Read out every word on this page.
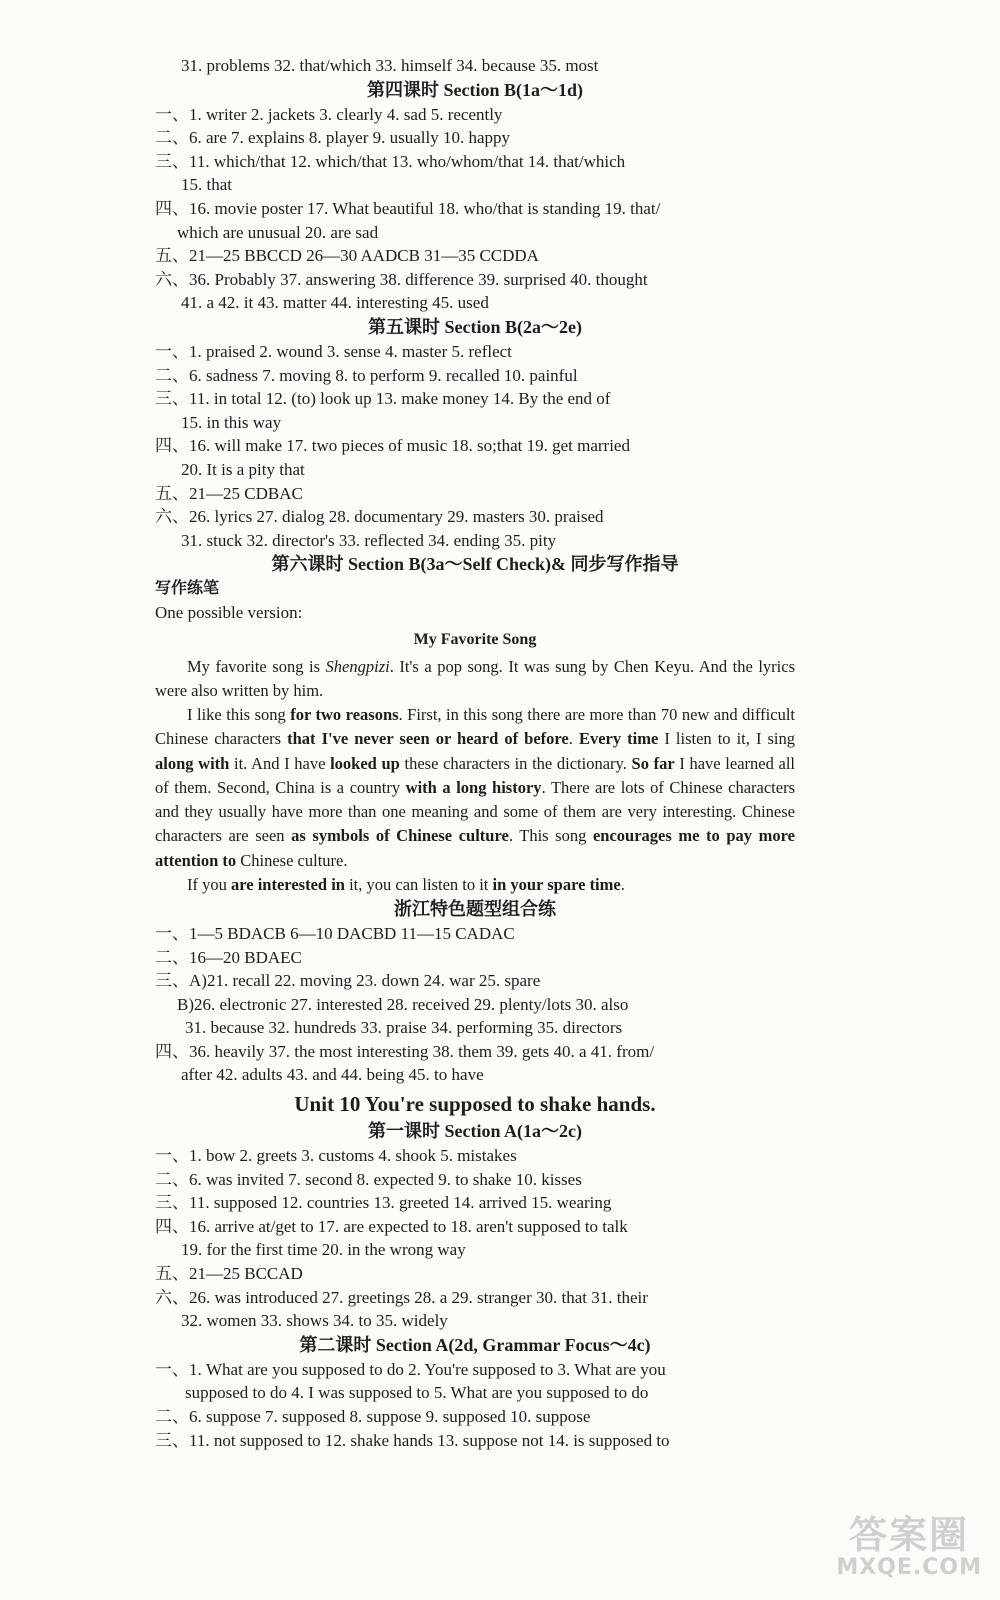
31. problems 32. that/which 33. himself 34. because 35. most
第四课时 Section B(1a～1d)
一、1. writer 2. jackets 3. clearly 4. sad 5. recently
二、6. are 7. explains 8. player 9. usually 10. happy
三、11. which/that 12. which/that 13. who/whom/that 14. that/which
15. that
四、16. movie poster 17. What beautiful 18. who/that is standing 19. that/
which are unusual 20. are sad
五、21—25 BBCCD 26—30 AADCB 31—35 CCDDA
六、36. Probably 37. answering 38. difference 39. surprised 40. thought
41. a 42. it 43. matter 44. interesting 45. used
第五课时 Section B(2a～2e)
一、1. praised 2. wound 3. sense 4. master 5. reflect
二、6. sadness 7. moving 8. to perform 9. recalled 10. painful
三、11. in total 12. (to) look up 13. make money 14. By the end of
15. in this way
四、16. will make 17. two pieces of music 18. so;that 19. get married
20. It is a pity that
五、21—25 CDBAC
六、26. lyrics 27. dialog 28. documentary 29. masters 30. praised
31. stuck 32. director's 33. reflected 34. ending 35. pity
第六课时 Section B(3a～Self Check)& 同步写作指导
写作练笔
One possible version:
My Favorite Song
My favorite song is Shengpizi. It's a pop song. It was sung by Chen Keyu. And the lyrics were also written by him.
I like this song for two reasons. First, in this song there are more than 70 new and difficult Chinese characters that I've never seen or heard of before. Every time I listen to it, I sing along with it. And I have looked up these characters in the dictionary. So far I have learned all of them. Second, China is a country with a long history. There are lots of Chinese characters and they usually have more than one meaning and some of them are very interesting. Chinese characters are seen as symbols of Chinese culture. This song encourages me to pay more attention to Chinese culture.
If you are interested in it, you can listen to it in your spare time.
浙江特色题型组合练
一、1—5 BDACB 6—10 DACBD 11—15 CADAC
二、16—20 BDAEC
三、A)21. recall 22. moving 23. down 24. war 25. spare
B)26. electronic 27. interested 28. received 29. plenty/lots 30. also
31. because 32. hundreds 33. praise 34. performing 35. directors
四、36. heavily 37. the most interesting 38. them 39. gets 40. a 41. from/
after 42. adults 43. and 44. being 45. to have
Unit 10 You're supposed to shake hands.
第一课时 Section A(1a～2c)
一、1. bow 2. greets 3. customs 4. shook 5. mistakes
二、6. was invited 7. second 8. expected 9. to shake 10. kisses
三、11. supposed 12. countries 13. greeted 14. arrived 15. wearing
四、16. arrive at/get to 17. are expected to 18. aren't supposed to talk
19. for the first time 20. in the wrong way
五、21—25 BCCAD
六、26. was introduced 27. greetings 28. a 29. stranger 30. that 31. their
32. women 33. shows 34. to 35. widely
第二课时 Section A(2d, Grammar Focus～4c)
一、1. What are you supposed to do 2. You're supposed to 3. What are you
supposed to do 4. I was supposed to 5. What are you supposed to do
二、6. suppose 7. supposed 8. suppose 9. supposed 10. suppose
三、11. not supposed to 12. shake hands 13. suppose not 14. is supposed to
答案圈
MXQE.COM
